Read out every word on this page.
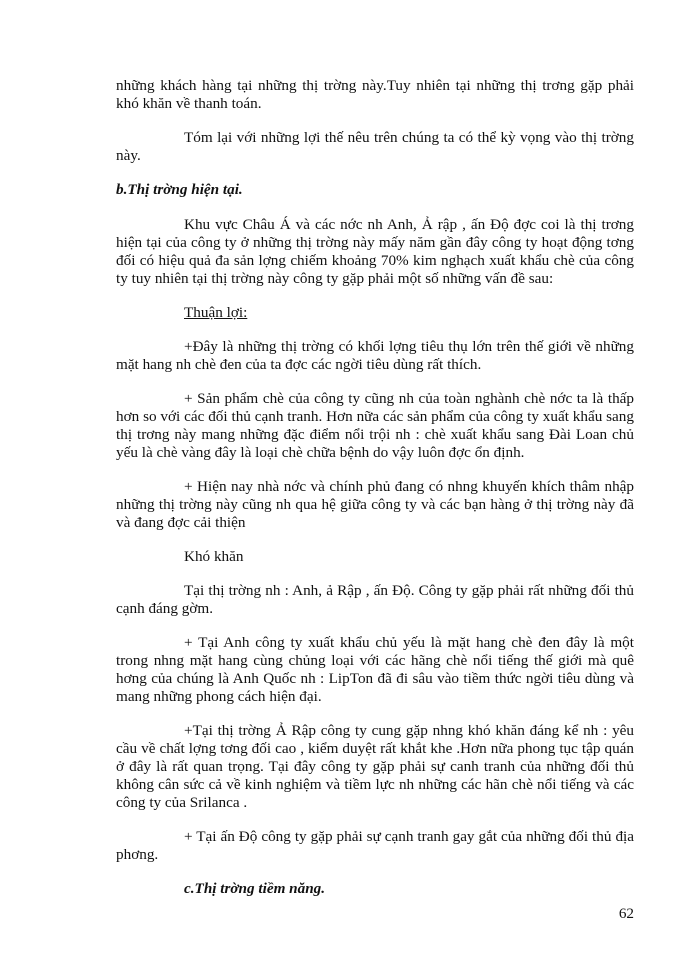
những khách hàng tại những thị trờng này.Tuy nhiên tại những thị trơng gặp phải khó khăn về thanh toán.

Tóm lại với những lợi thế nêu trên chúng ta có thể kỳ vọng vào thị trờng này.

b.Thị trờng hiện tại.

Khu vực Châu Á và các nớc nh Anh, Ả rập , ấn Độ đợc coi là thị trơng hiện tại của công ty ở những thị trờng này mấy năm gần đây công ty hoạt động tơng đối có hiệu quả đa sản lợng chiếm khoảng 70% kim nghạch xuất khẩu chè của công ty tuy nhiên tại thị trờng này công ty gặp phải một số những vấn đề sau:

Thuận lợi:

+Đây là những thị trờng có khối lợng tiêu thụ lớn trên thế giới về những mặt hang nh chè đen của ta đợc các ngời tiêu dùng rất thích.

+ Sản phẩm chè của công ty cũng nh của toàn nghành chè nớc ta là thấp hơn so với các đối thủ cạnh tranh. Hơn nữa các sản phẩm của công ty xuất khẩu sang thị trơng này mang những đặc điểm nổi trội nh : chè xuất khẩu sang Đài Loan chủ yếu là chè vàng đây là loại chè chữa bệnh do vậy luôn đợc ổn định.

+ Hiện nay nhà nớc và chính phủ đang có nhng khuyến khích thâm nhập những thị trờng này cũng nh qua hệ giữa công ty và các bạn hàng ở thị trờng này đã và đang đợc cải thiện

Khó khăn

Tại thị trờng nh : Anh, ả Rập , ấn Độ. Công ty gặp phải rất những đối thủ cạnh đáng gờm.

+ Tại Anh công ty xuất khẩu chủ yếu là mặt hang chè đen đây là một trong nhng mặt hang cùng chủng loại với các hãng chè nổi tiếng thế giới mà quê hơng của chúng là Anh Quốc nh : LipTon đã đi sâu vào tiềm thức ngời tiêu dùng và mang những phong cách hiện đại.

+Tại thị trờng Ả Rập công ty cung gặp nhng khó khăn đáng kể nh : yêu cầu về chất lợng tơng đối cao , kiểm duyệt rất khắt khe .Hơn nữa phong tục tập quán ở đây là rất quan trọng. Tại đây công ty gặp phải sự canh tranh của những đối thủ không cân sức cả về kinh nghiệm và tiềm lực nh những các hãn chè nổi tiếng và các công ty của Srilanca .

+ Tại ấn Độ công ty gặp phải sự cạnh tranh gay gắt của những đối thủ địa phơng.

c.Thị trờng tiềm năng.

62
